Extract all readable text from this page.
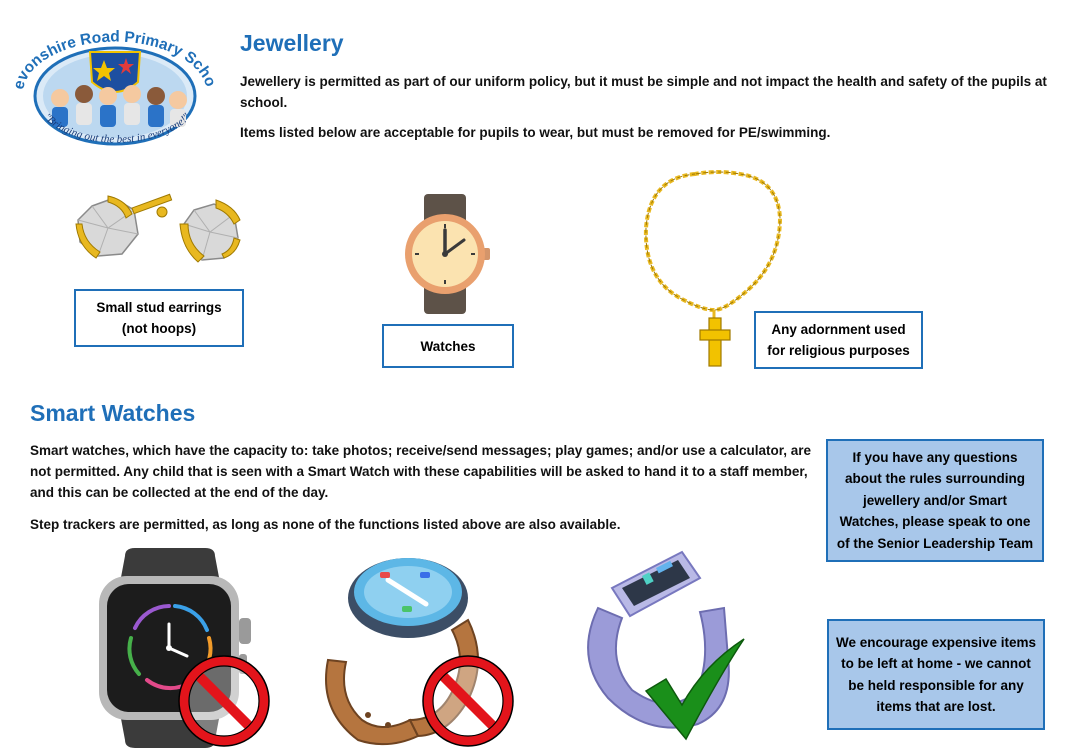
Devonshire Road Primary School
"Bringing out the best in everyone!"
Jewellery

Jewellery is permitted as part of our uniform policy, but it must be simple and not impact the health and safety of the pupils at school.

Items listed below are acceptable for pupils to wear, but must be removed for PE/swimming.

Small stud earrings (not hoops)
Watches
Any adornment used for religious purposes
Smart Watches

Smart watches, which have the capacity to: take photos; receive/send messages; play games; and/or use a calculator, are not permitted. Any child that is seen with a Smart Watch with these capabilities will be asked to hand it to a staff member, and this can be collected at the end of the day.

Step trackers are permitted, as long as none of the functions listed above are also available.

If you have any questions about the rules surrounding jewellery and/or Smart Watches, please speak to one of the Senior Leadership Team
We encourage expensive items to be left at home - we cannot be held responsible for any items that are lost.
